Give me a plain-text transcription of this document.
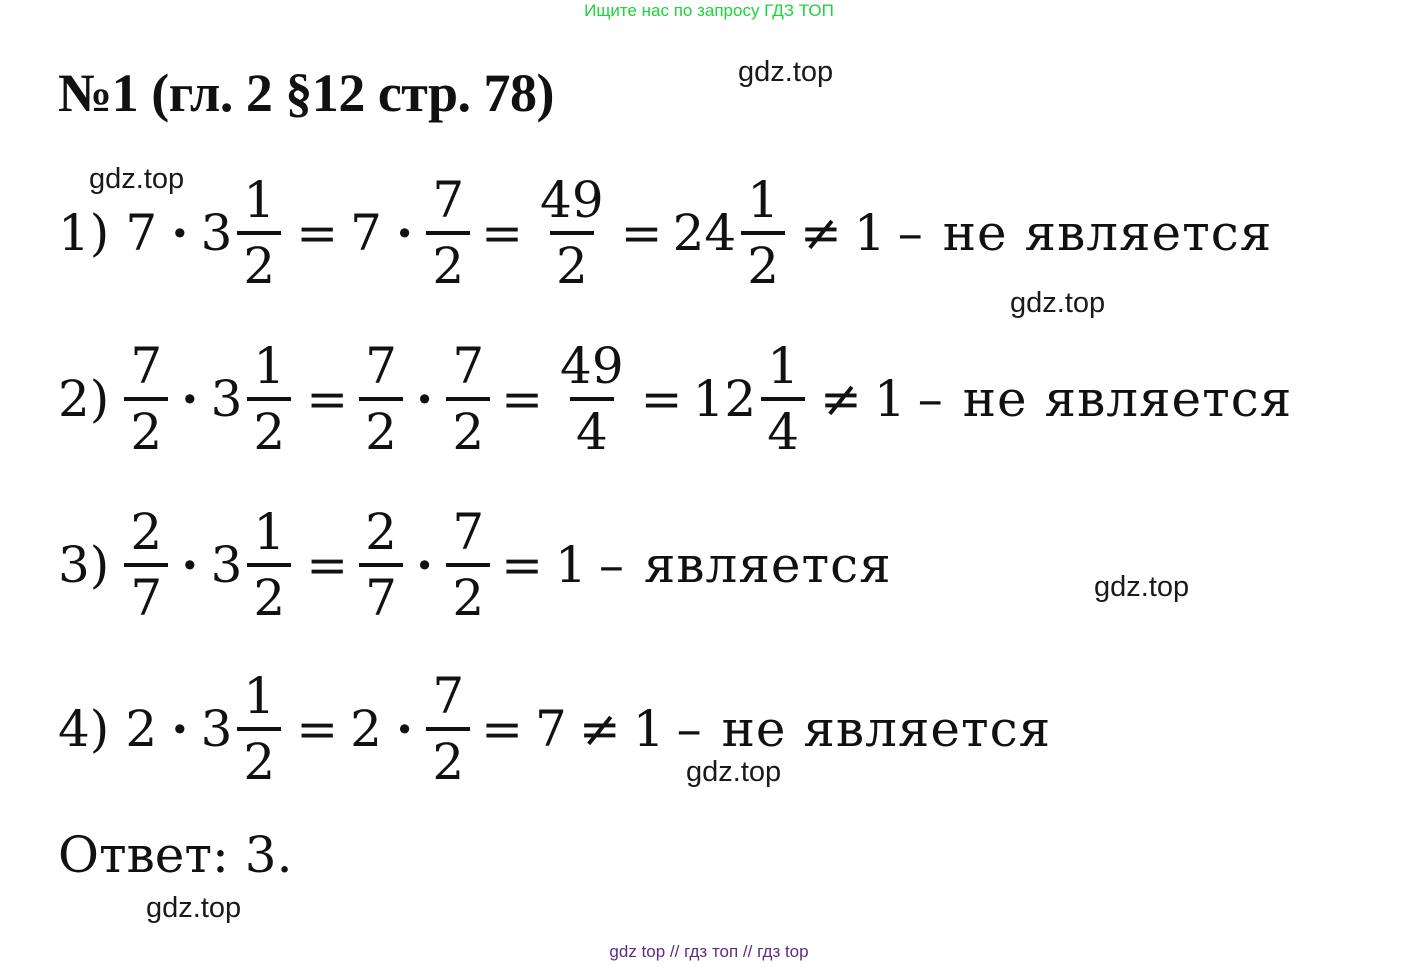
Ищите нас по запросу ГДЗ ТОП
№1 (гл. 2 §12 стр. 78)	gdz.top
gdz.top
gdz.top
gdz.top
gdz.top
gdz.top
1) $7 \cdot 3 \frac{1}{2} = 7 \cdot \frac{7}{2} = \frac{49}{2} = 24 \frac{1}{2} \ne 1$ – не является
$2) \frac{7}{2} \cdot 3 \frac{1}{2} = \frac{7}{2} \cdot \frac{7}{2} = \frac{49}{4} = 12 \frac{1}{4} \ne 1$ – не является
$3) \frac{2}{7} \cdot 3 \frac{1}{2} = \frac{2}{7} \cdot \frac{7}{2} = 1$ – является
4) $2 \cdot 3 \frac{1}{2} = 2 \cdot \frac{7}{2} = 7 \ne 1$ – не является
Ответ: 3.
gdz top // гдз топ // гдз top
